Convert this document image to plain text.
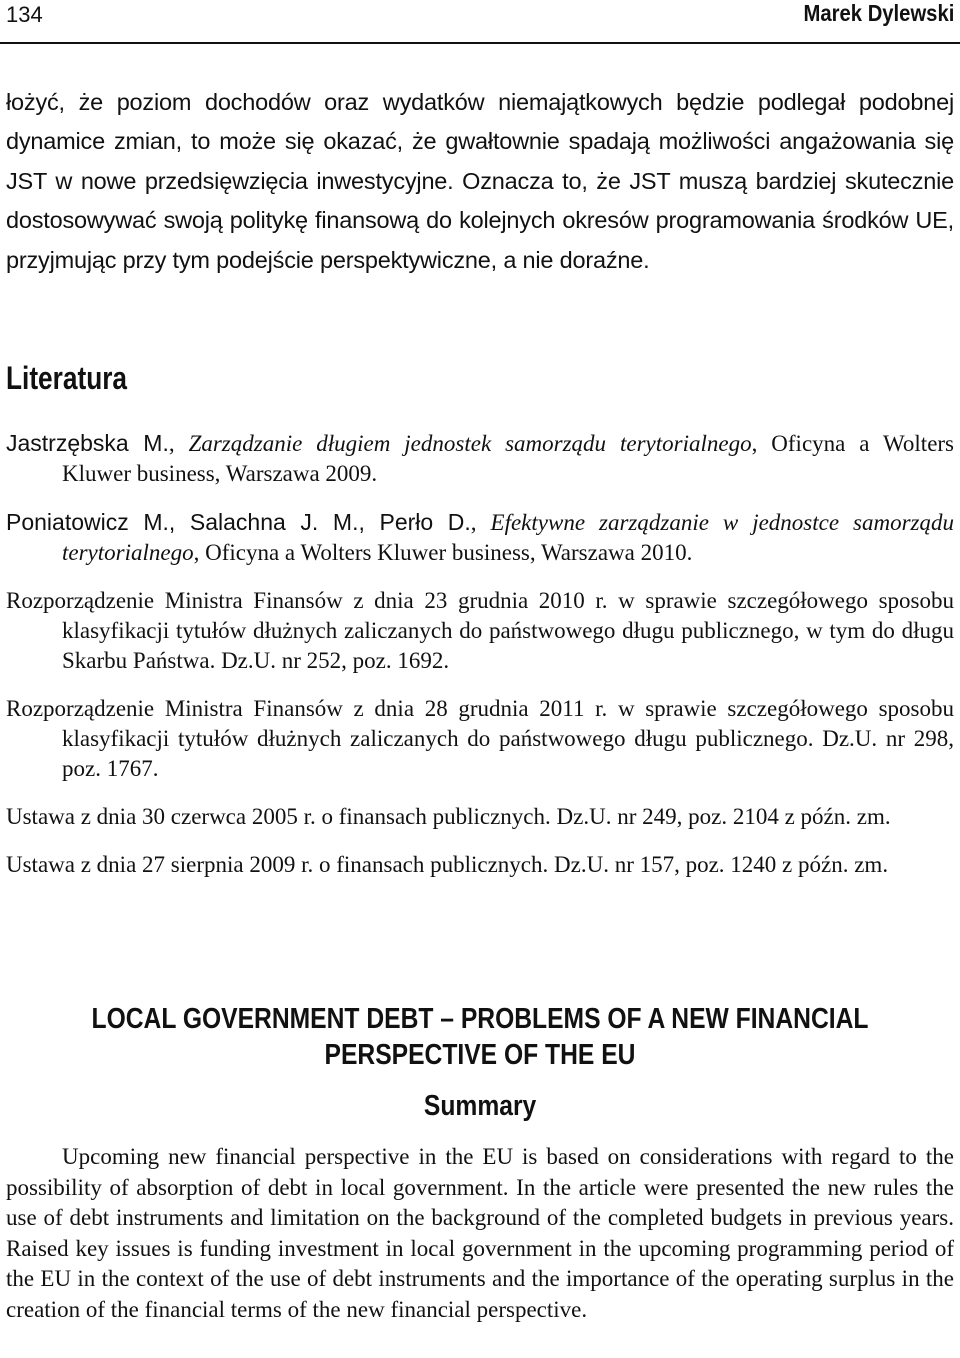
134	Marek Dylewski

łożyć, że poziom dochodów oraz wydatków niemajątkowych będzie podlegał podobnej dynamice zmian, to może się okazać, że gwałtownie spadają możliwości angażowania się JST w nowe przedsięwzięcia inwestycyjne. Oznacza to, że JST muszą bardziej skutecznie dostosowywać swoją politykę finansową do kolejnych okresów programowania środków UE, przyjmując przy tym podejście perspektywiczne, a nie doraźne.

Literatura
Jastrzębska M., Zarządzanie długiem jednostek samorządu terytorialnego, Oficyna a Wolters Kluwer business, Warszawa 2009.
Poniatowicz M., Salachna J. M., Perło D., Efektywne zarządzanie w jednostce samorządu terytorialnego, Oficyna a Wolters Kluwer business, Warszawa 2010.
Rozporządzenie Ministra Finansów z dnia 23 grudnia 2010 r. w sprawie szczegółowego sposobu klasyfikacji tytułów dłużnych zaliczanych do państwowego długu publicznego, w tym do długu Skarbu Państwa. Dz.U. nr 252, poz. 1692.
Rozporządzenie Ministra Finansów z dnia 28 grudnia 2011 r. w sprawie szczegółowego sposobu klasyfikacji tytułów dłużnych zaliczanych do państwowego długu publicznego. Dz.U. nr 298, poz. 1767.
Ustawa z dnia 30 czerwca 2005 r. o finansach publicznych. Dz.U. nr 249, poz. 2104 z późn. zm.
Ustawa z dnia 27 sierpnia 2009 r. o finansach publicznych. Dz.U. nr 157, poz. 1240 z późn. zm.
LOCAL GOVERNMENT DEBT – PROBLEMS OF A NEW FINANCIAL
PERSPECTIVE OF THE EU
Summary

Upcoming new financial perspective in the EU is based on considerations with regard to the possibility of absorption of debt in local government. In the article were presented the new rules the use of debt instruments and limitation on the background of the completed budgets in previous years. Raised key issues is funding investment in local government in the upcoming programming period of the EU in the context of the use of debt instruments and the importance of the operating surplus in the creation of the financial terms of the new financial perspective.
